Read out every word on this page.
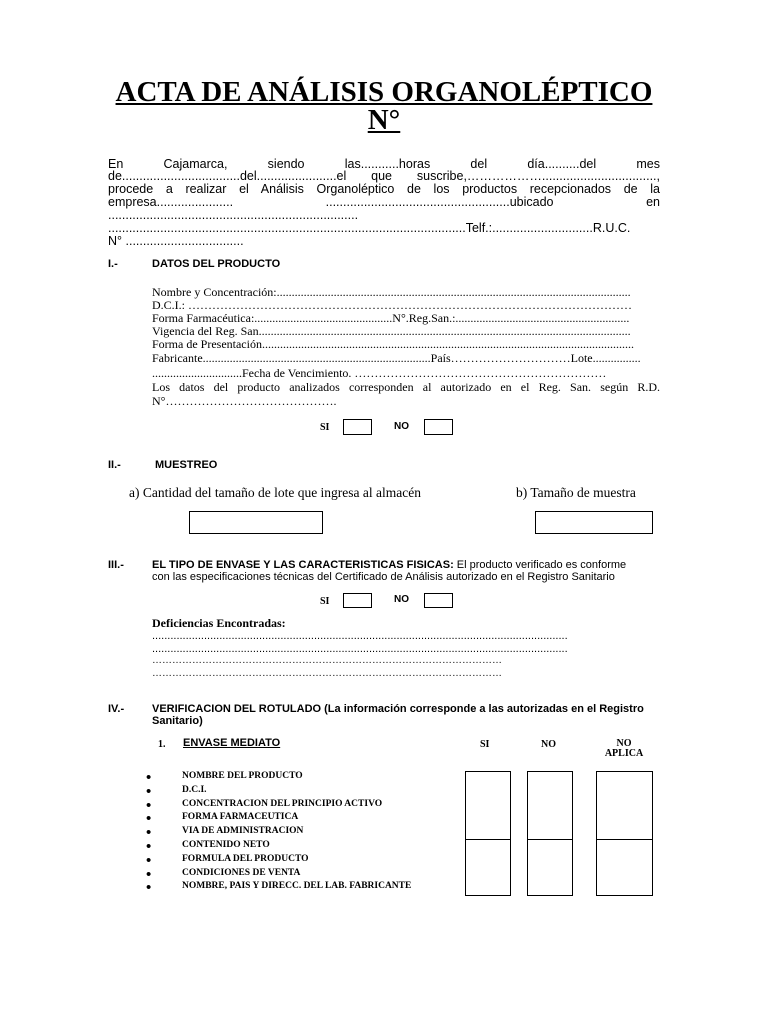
ACTA DE ANÁLISIS ORGANOLÉPTICO
N°
En Cajamarca, siendo las...........horas del día..........del mes
de..................................del.......................el que suscribe,……………….................................,
procede a realizar el Análisis Organoléptico de los productos recepcionados de la
empresa...................... .....................................................ubicado en
........................................................................
.......................................................................................................Telf.:.............................R.U.C.
N° ..................................
I.-	DATOS DEL PRODUCTO
Nombre y Concentración:......................................................................................................................
D.C.I.: …………………………………………………………………………………………………
Forma Farmacéutica:..............................................N°.Reg.San.:..........................................................
Vigencia del Reg. San............................................................................................................................
Forma de Presentación............................................................................................................................
Fabricante............................................................................País…………………………Lote................
..............................Fecha de Vencimiento. ………………………………………………………
Los datos del producto analizados corresponden al autorizado en el Reg. San. según R.D.
N°…………………………………….
SI	NO
II.-	MUESTREO
a) Cantidad del tamaño de lote que ingresa al almacén	b) Tamaño de muestra
III.-	EL TIPO DE ENVASE Y LAS CARACTERISTICAS FISICAS: El producto verificado es conforme
con las especificaciones técnicas del Certificado de Análisis autorizado en el Registro Sanitario
SI	NO
Deficiencias Encontradas:
........................................................................................................................................
........................................................................................................................................
……………………………………………………………………………………………
……………………………………………………………………………………………
IV.-	VERIFICACION DEL ROTULADO (La información corresponde a las autorizadas en el Registro
Sanitario)
1. ENVASE MEDIATO	SI	NO	NO
APLICA
•	NOMBRE DEL PRODUCTO
•	D.C.I.
•	CONCENTRACION DEL PRINCIPIO ACTIVO
•	FORMA FARMACEUTICA
•	VIA DE ADMINISTRACION
•	CONTENIDO NETO
•	FORMULA DEL PRODUCTO
•	CONDICIONES DE VENTA
•	NOMBRE, PAIS Y DIRECC. DEL LAB. FABRICANTE
